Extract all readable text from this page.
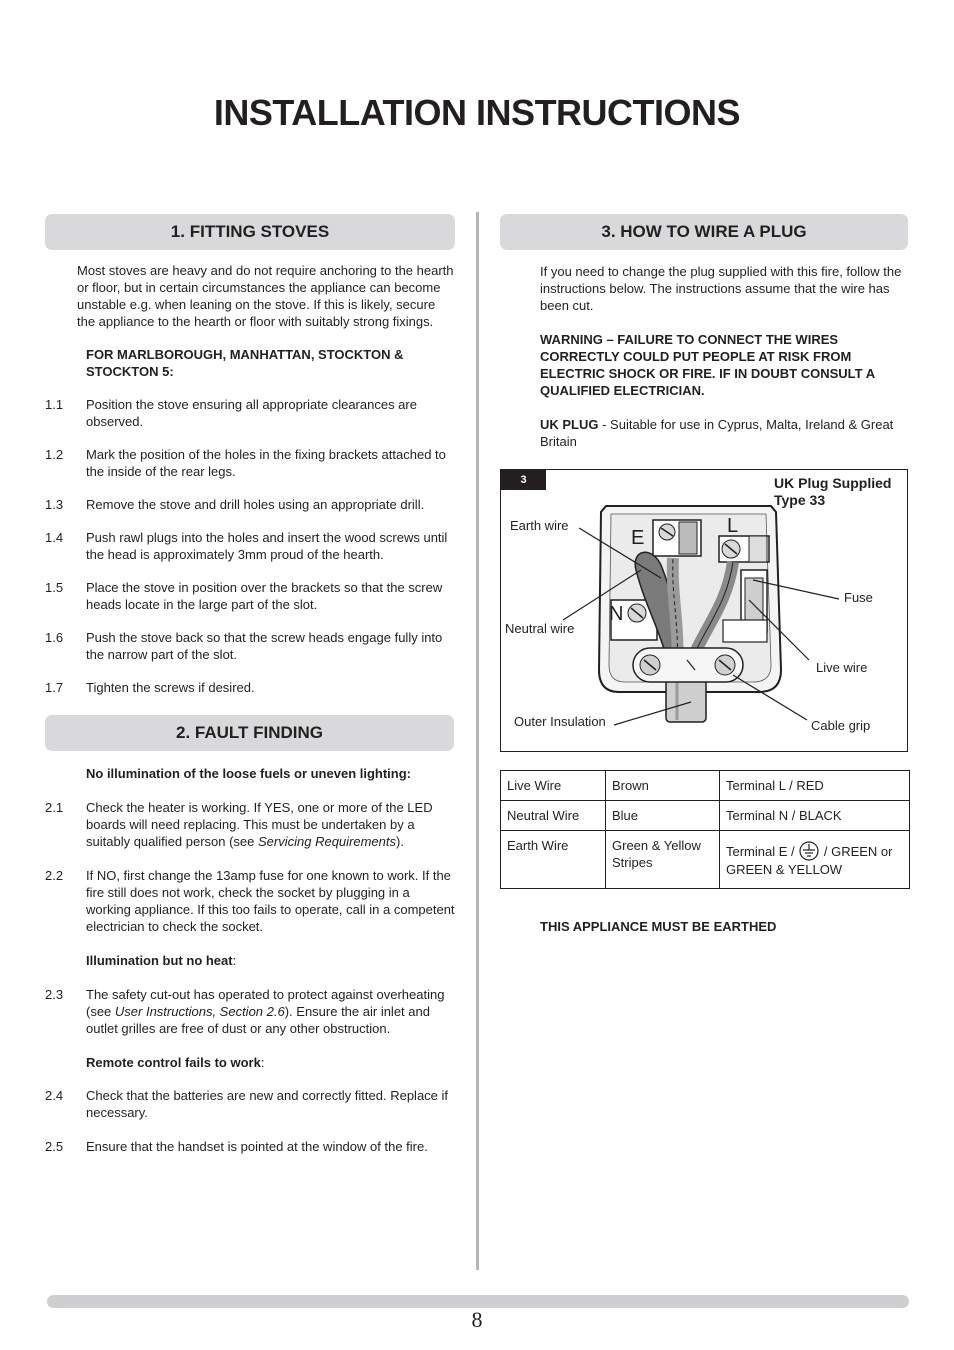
INSTALLATION INSTRUCTIONS
1. FITTING STOVES

Most stoves are heavy and do not require anchoring to the hearth or floor, but in certain circumstances the appliance can become unstable e.g. when leaning on the stove. If this is likely, secure the appliance to the hearth or floor with suitably strong fixings.

FOR MARLBOROUGH, MANHATTAN, STOCKTON & STOCKTON 5:
1.1 Position the stove ensuring all appropriate clearances are observed.
1.2 Mark the position of the holes in the fixing brackets attached to the inside of the rear legs.
1.3 Remove the stove and drill holes using an appropriate drill.
1.4 Push rawl plugs into the holes and insert the wood screws until the head is approximately 3mm proud of the hearth.
1.5 Place the stove in position over the brackets so that the screw heads locate in the large part of the slot.
1.6 Push the stove back so that the screw heads engage fully into the narrow part of the slot.
1.7 Tighten the screws if desired.
2. FAULT FINDING
No illumination of the loose fuels or uneven lighting:
2.1 Check the heater is working. If YES, one or more of the LED boards will need replacing. This must be undertaken by a suitably qualified person (see Servicing Requirements).
2.2 If NO, first change the 13amp fuse for one known to work. If the fire still does not work, check the socket by plugging in a working appliance. If this too fails to operate, call in a competent electrician to check the socket.
Illumination but no heat:
2.3 The safety cut-out has operated to protect against overheating (see User Instructions, Section 2.6). Ensure the air inlet and outlet grilles are free of dust or any other obstruction.
Remote control fails to work:
2.4 Check that the batteries are new and correctly fitted. Replace if necessary.
2.5 Ensure that the handset is pointed at the window of the fire.
3. HOW TO WIRE A PLUG

If you need to change the plug supplied with this fire, follow the instructions below. The instructions assume that the wire has been cut.

WARNING – FAILURE TO CONNECT THE WIRES CORRECTLY COULD PUT PEOPLE AT RISK FROM ELECTRIC SHOCK OR FIRE. IF IN DOUBT CONSULT A QUALIFIED ELECTRICIAN.

UK PLUG - Suitable for use in Cyprus, Malta, Ireland & Great Britain

3	UK Plug Supplied Type 33
E
L
N
Earth wire
Neutral wire
Outer Insulation
Fuse
Live wire
Cable grip
Live Wire	Brown	Terminal L / RED
Neutral Wire	Blue	Terminal N / BLACK
Earth Wire	Green & Yellow Stripes	Terminal E /  / GREEN or GREEN & YELLOW
THIS APPLIANCE MUST BE EARTHED
8
